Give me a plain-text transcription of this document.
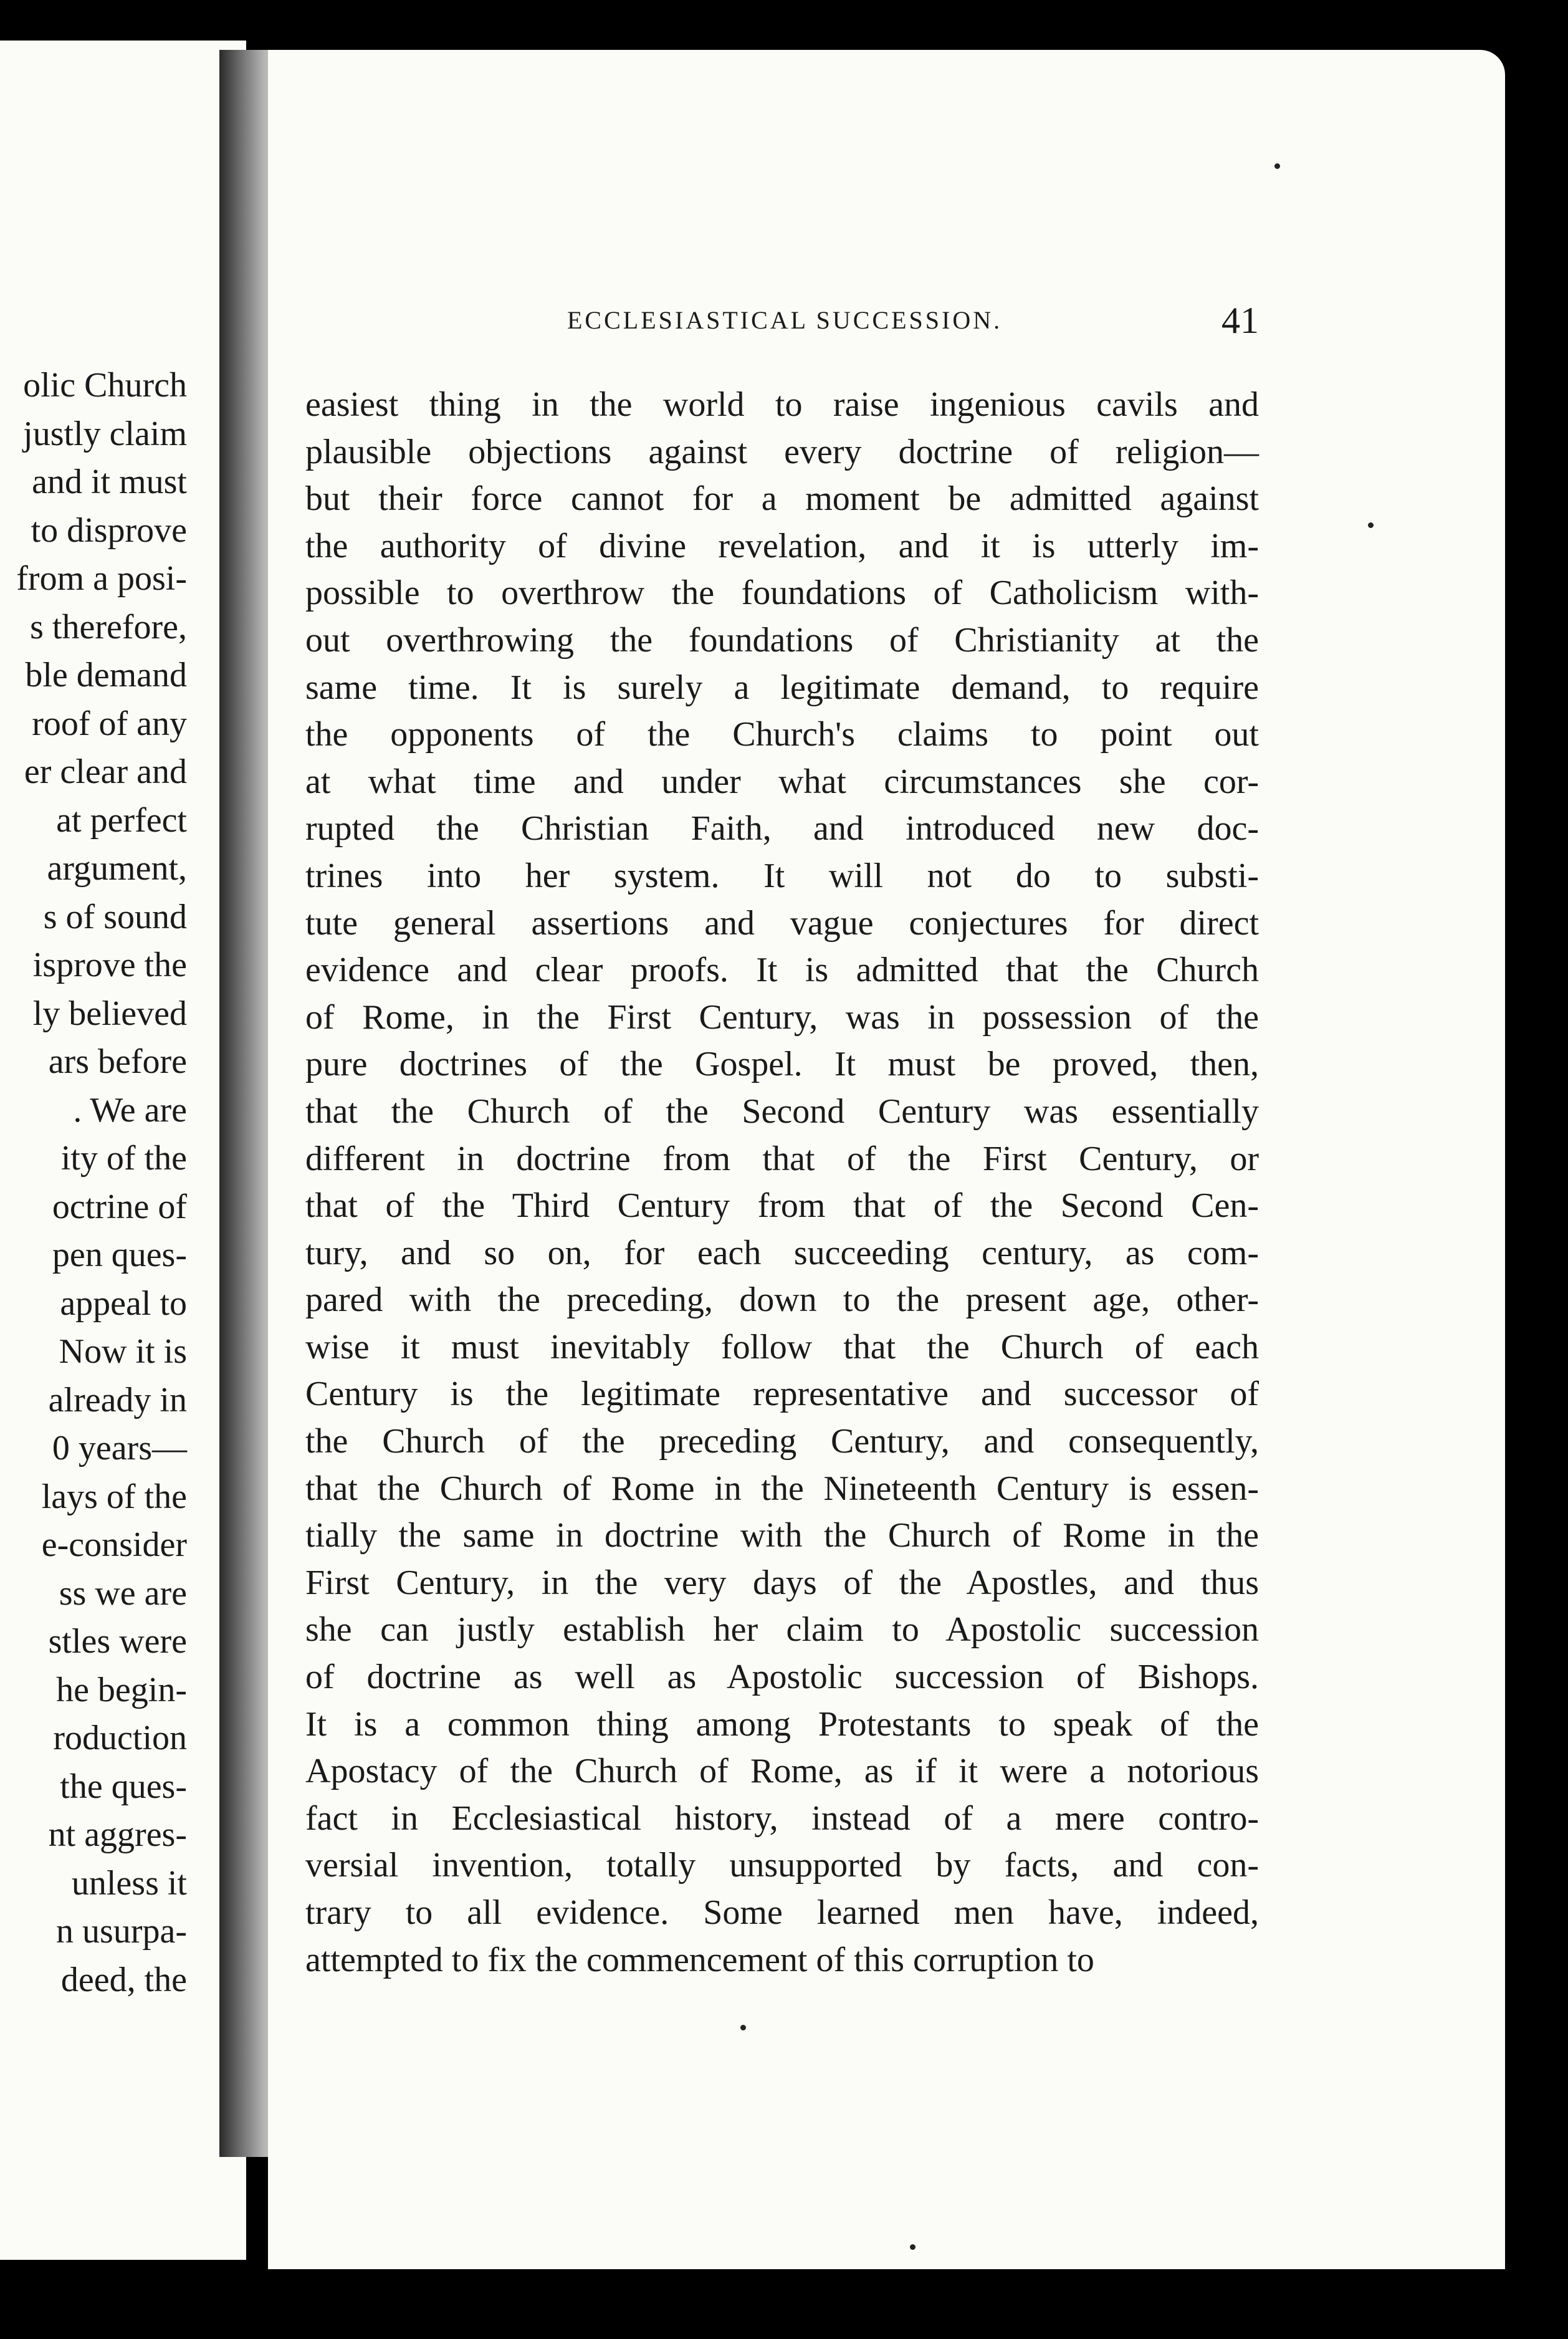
olic Church
justly claim
and it must
to disprove
from a posi-
s therefore,
ble demand
roof of any
er clear and
at perfect
argument,
s of sound
isprove the
ly believed
ars before
. We are
ity of the
octrine of
pen ques-
appeal to
Now it is
already in
0 years—
lays of the
e-consider
ss we are
stles were
he begin-
roduction
the ques-
nt aggres-
unless it
n usurpa-
deed, the
ECCLESIASTICAL SUCCESSION.	41
easiest thing in the world to raise ingenious cavils and
plausible objections against every doctrine of religion—
but their force cannot for a moment be admitted against
the authority of divine revelation, and it is utterly im-
possible to overthrow the foundations of Catholicism with-
out overthrowing the foundations of Christianity at the
same time. It is surely a legitimate demand, to require
the opponents of the Church's claims to point out
at what time and under what circumstances she cor-
rupted the Christian Faith, and introduced new doc-
trines into her system. It will not do to substi-
tute general assertions and vague conjectures for direct
evidence and clear proofs. It is admitted that the Church
of Rome, in the First Century, was in possession of the
pure doctrines of the Gospel. It must be proved, then,
that the Church of the Second Century was essentially
different in doctrine from that of the First Century, or
that of the Third Century from that of the Second Cen-
tury, and so on, for each succeeding century, as com-
pared with the preceding, down to the present age, other-
wise it must inevitably follow that the Church of each
Century is the legitimate representative and successor of
the Church of the preceding Century, and consequently,
that the Church of Rome in the Nineteenth Century is essen-
tially the same in doctrine with the Church of Rome in the
First Century, in the very days of the Apostles, and thus
she can justly establish her claim to Apostolic succession
of doctrine as well as Apostolic succession of Bishops.
It is a common thing among Protestants to speak of the
Apostacy of the Church of Rome, as if it were a notorious
fact in Ecclesiastical history, instead of a mere contro-
versial invention, totally unsupported by facts, and con-
trary to all evidence. Some learned men have, indeed,
attempted to fix the commencement of this corruption to
